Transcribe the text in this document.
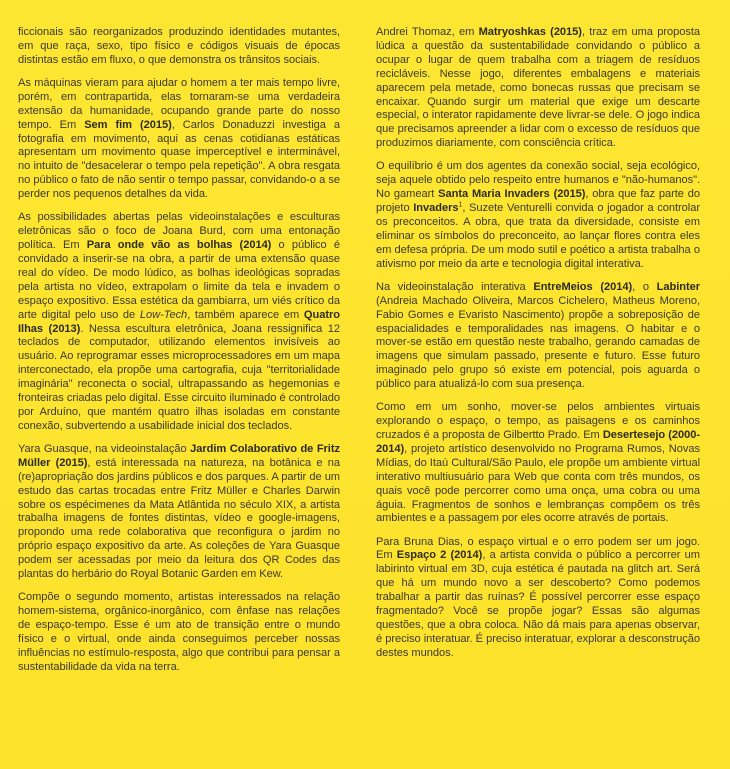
ficcionais são reorganizados produzindo identidades mutantes, em que raça, sexo, tipo físico e códigos visuais de épocas distintas estão em fluxo, o que demonstra os trânsitos sociais.

As máquinas vieram para ajudar o homem a ter mais tempo livre, porém, em contrapartida, elas tornaram-se uma verdadeira extensão da humanidade, ocupando grande parte do nosso tempo. Em Sem fim (2015), Carlos Donaduzzi investiga a fotografia em movimento, aqui as cenas cotidianas estáticas apresentam um movimento quase imperceptível e interminável, no intuito de "desacelerar o tempo pela repetição". A obra resgata no público o fato de não sentir o tempo passar, convidando-o a se perder nos pequenos detalhes da vida.

As possibilidades abertas pelas videoinstalações e esculturas eletrônicas são o foco de Joana Burd, com uma entonação política. Em Para onde vão as bolhas (2014) o público é convidado a inserir-se na obra, a partir de uma extensão quase real do vídeo. De modo lúdico, as bolhas ideológicas sopradas pela artista no vídeo, extrapolam o limite da tela e invadem o espaço expositivo. Essa estética da gambiarra, um viés crítico da arte digital pelo uso de Low-Tech, também aparece em Quatro Ilhas (2013). Nessa escultura eletrônica, Joana ressignifica 12 teclados de computador, utilizando elementos invisíveis ao usuário. Ao reprogramar esses microprocessadores em um mapa interconectado, ela propõe uma cartografia, cuja "territorialidade imaginária" reconecta o social, ultrapassando as hegemonias e fronteiras criadas pelo digital. Esse circuito iluminado é controlado por Arduíno, que mantém quatro ilhas isoladas em constante conexão, subvertendo a usabilidade inicial dos teclados.

Yara Guasque, na videoinstalação Jardim Colaborativo de Fritz Müller (2015), está interessada na natureza, na botânica e na (re)apropriação dos jardins públicos e dos parques. A partir de um estudo das cartas trocadas entre Fritz Müller e Charles Darwin sobre os espécimenes da Mata Atlântida no século XIX, a artista trabalha imagens de fontes distintas, vídeo e google-imagens, propondo uma rede colaborativa que reconfigura o jardim no próprio espaço expositivo da arte. As coleções de Yara Guasque podem ser acessadas por meio da leitura dos QR Codes das plantas do herbário do Royal Botanic Garden em Kew.

Compõe o segundo momento, artistas interessados na relação homem-sistema, orgânico-inorgânico, com ênfase nas relações de espaço-tempo. Esse é um ato de transição entre o mundo físico e o virtual, onde ainda conseguimos perceber nossas influências no estímulo-resposta, algo que contribui para pensar a sustentabilidade da vida na terra.

Andrei Thomaz, em Matryoshkas (2015), traz em uma proposta lúdica a questão da sustentabilidade convidando o público a ocupar o lugar de quem trabalha com a triagem de resíduos recicláveis. Nesse jogo, diferentes embalagens e materiais aparecem pela metade, como bonecas russas que precisam se encaixar. Quando surgir um material que exige um descarte especial, o interator rapidamente deve livrar-se dele. O jogo indica que precisamos apreender a lidar com o excesso de resíduos que produzimos diariamente, com consciência crítica.

O equilíbrio é um dos agentes da conexão social, seja ecológico, seja aquele obtido pelo respeito entre humanos e "não-humanos". No gameart Santa Maria Invaders (2015), obra que faz parte do projeto Invaders$^1$, Suzete Venturelli convida o jogador a controlar os preconceitos. A obra, que trata da diversidade, consiste em eliminar os símbolos do preconceito, ao lançar flores contra eles em defesa própria. De um modo sutil e poético a artista trabalha o ativismo por meio da arte e tecnologia digital interativa.

Na videoinstalação interativa EntreMeios (2014), o Labinter (Andreia Machado Oliveira, Marcos Cichelero, Matheus Moreno, Fabio Gomes e Evaristo Nascimento) propõe a sobreposição de espacialidades e temporalidades nas imagens. O habitar e o mover-se estão em questão neste trabalho, gerando camadas de imagens que simulam passado, presente e futuro. Esse futuro imaginado pelo grupo só existe em potencial, pois aguarda o público para atualizá-lo com sua presença.

Como em um sonho, mover-se pelos ambientes virtuais explorando o espaço, o tempo, as paisagens e os caminhos cruzados é a proposta de Gilbertto Prado. Em Desertesejo (2000-2014), projeto artístico desenvolvido no Programa Rumos, Novas Mídias, do Itaú Cultural/São Paulo, ele propõe um ambiente virtual interativo multiusuário para Web que conta com três mundos, os quais você pode percorrer como uma onça, uma cobra ou uma águia. Fragmentos de sonhos e lembranças compõem os três ambientes e a passagem por eles ocorre através de portais.

Para Bruna Dias, o espaço virtual e o erro podem ser um jogo. Em Espaço 2 (2014), a artista convida o público a percorrer um labirinto virtual em 3D, cuja estética é pautada na glitch art. Será que há um mundo novo a ser descoberto? Como podemos trabalhar a partir das ruínas? É possível percorrer esse espaço fragmentado? Você se propõe jogar? Essas são algumas questões, que a obra coloca. Não dá mais para apenas observar, é preciso interatuar. É preciso interatuar, explorar a desconstrução destes mundos.
